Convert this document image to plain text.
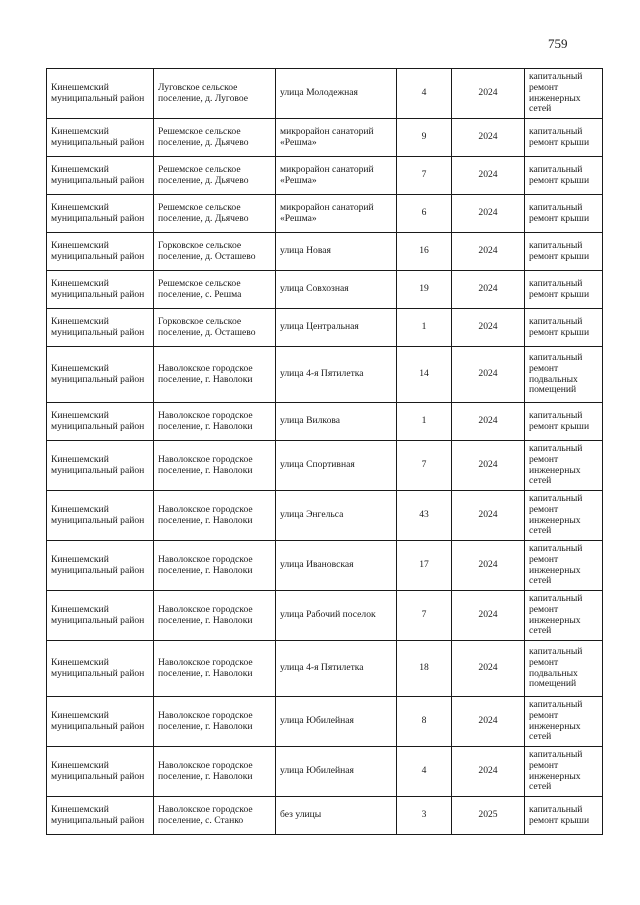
759
Кинешемский муниципальный район	Луговское сельское поселение, д. Луговое	улица Молодежная	4	2024	капитальный ремонт инженерных сетей
Кинешемский муниципальный район	Решемское сельское поселение, д. Дьячево	микрорайон санаторий «Решма»	9	2024	капитальный ремонт крыши
Кинешемский муниципальный район	Решемское сельское поселение, д. Дьячево	микрорайон санаторий «Решма»	7	2024	капитальный ремонт крыши
Кинешемский муниципальный район	Решемское сельское поселение, д. Дьячево	микрорайон санаторий «Решма»	6	2024	капитальный ремонт крыши
Кинешемский муниципальный район	Горковское сельское поселение, д. Осташево	улица Новая	16	2024	капитальный ремонт крыши
Кинешемский муниципальный район	Решемское сельское поселение, с. Решма	улица Совхозная	19	2024	капитальный ремонт крыши
Кинешемский муниципальный район	Горковское сельское поселение, д. Осташево	улица Центральная	1	2024	капитальный ремонт крыши
Кинешемский муниципальный район	Наволокское городское поселение, г. Наволоки	улица 4-я Пятилетка	14	2024	капитальный ремонт подвальных помещений
Кинешемский муниципальный район	Наволокское городское поселение, г. Наволоки	улица Вилкова	1	2024	капитальный ремонт крыши
Кинешемский муниципальный район	Наволокское городское поселение, г. Наволоки	улица Спортивная	7	2024	капитальный ремонт инженерных сетей
Кинешемский муниципальный район	Наволокское городское поселение, г. Наволоки	улица Энгельса	43	2024	капитальный ремонт инженерных сетей
Кинешемский муниципальный район	Наволокское городское поселение, г. Наволоки	улица Ивановская	17	2024	капитальный ремонт инженерных сетей
Кинешемский муниципальный район	Наволокское городское поселение, г. Наволоки	улица Рабочий поселок	7	2024	капитальный ремонт инженерных сетей
Кинешемский муниципальный район	Наволокское городское поселение, г. Наволоки	улица 4-я Пятилетка	18	2024	капитальный ремонт подвальных помещений
Кинешемский муниципальный район	Наволокское городское поселение, г. Наволоки	улица Юбилейная	8	2024	капитальный ремонт инженерных сетей
Кинешемский муниципальный район	Наволокское городское поселение, г. Наволоки	улица Юбилейная	4	2024	капитальный ремонт инженерных сетей
Кинешемский муниципальный район	Наволокское городское поселение, с. Станко	без улицы	3	2025	капитальный ремонт крыши
